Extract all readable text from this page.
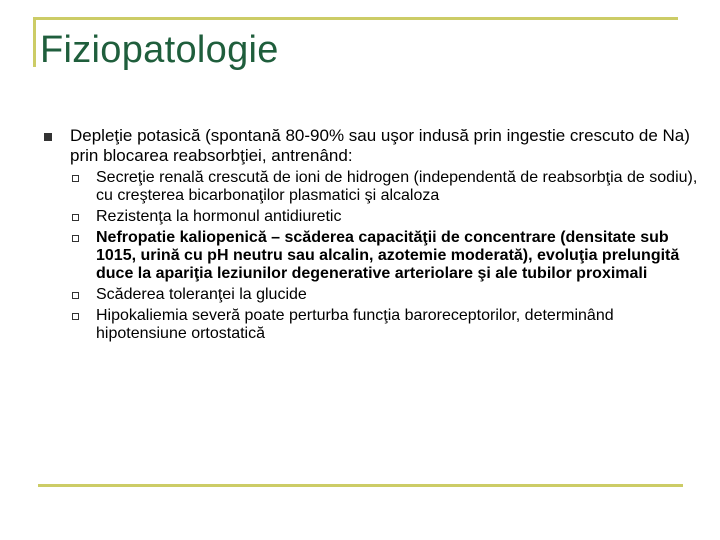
Fiziopatologie
Depleţie potasică (spontană 80-90% sau uşor indusă prin ingestie crescuto de Na) prin blocarea reabsorbţiei, antrenând:
Secreţie renală crescută de ioni de hidrogen (independentă de reabsorbţia de sodiu), cu creşterea bicarbonaţilor plasmatici şi alcaloza
Rezistenţa la hormonul antidiuretic
Nefropatie kaliopenică – scăderea capacităţii de concentrare (densitate sub 1015, urină cu pH neutru sau alcalin, azotemie moderată), evoluţia prelungită duce la apariţia leziunilor degenerative arteriolare şi ale tubilor proximali
Scăderea toleranţei la glucide
Hipokaliemia severă poate perturba funcţia baroreceptorilor, determinând hipotensiune ortostatică
